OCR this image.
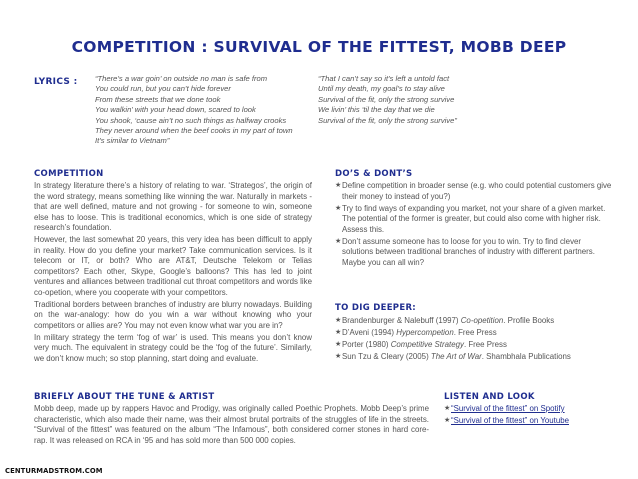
COMPETITION : SURVIVAL OF THE FITTEST, MOBB DEEP
LYRICS : “There’s a war goin’ on outside no man is safe from
You could run, but you can’t hide forever
From these streets that we done took
You walkin’ with your head down, scared to look
You shook, ‘cause ain’t no such things as halfway crooks
They never around when the beef cooks in my part of town
It’s similar to Vietnam”
“That I can’t say so it’s left a untold fact
Until my death, my goal’s to stay alive
Survival of the fit, only the strong survive
We livin’ this ‘til the day that we die
Survival of the fit, only the strong survive”
COMPETITION

In strategy literature there’s a history of relating to war. ‘Strategos’, the origin of the word strategy, means something like winning the war. Naturally in markets - that are well defined, mature and not growing - for someone to win, someone else has to loose. This is traditional economics, which is one side of strategy research’s foundation.

However, the last somewhat 20 years, this very idea has been difficult to apply in reality. How do you define your market? Take communication services. Is it telecom or IT, or both? Who are AT&T, Deutsche Telekom or Telias competitors? Each other, Skype, Google’s balloons? This has led to joint ventures and alliances between traditional cut throat competitors and words like co-opetion, where you cooperate with your competitors.

Traditional borders between branches of industry are blurry nowadays. Building on the war-analogy: how do you win a war without knowing who your competitors or allies are? You may not even know what war you are in?

In military strategy the term ‘fog of war’ is used. This means you don’t know very much. The equivalent in strategy could be the ‘fog of the future’. Similarly, we don’t know much; so stop planning, start doing and evaluate.

DO’S & DONT’S
★ Define competition in broader sense (e.g. who could potential customers give their money to instead of you?)
★ Try to find ways of expanding you market, not your share of a given market. The potential of the former is greater, but could also come with higher risk. Assess this.
★ Don’t assume someone has to loose for you to win. Try to find clever solutions between traditional branches of industry with different partners. Maybe you can all win?
TO DIG DEEPER:
★ Brandenburger & Nalebuff (1997) Co-opetition. Profile Books
★ D’Aveni (1994) Hypercompetion. Free Press
★ Porter (1980) Competitive Strategy. Free Press
★ Sun Tzu & Cleary (2005) The Art of War. Shambhala Publications
BRIEFLY ABOUT THE TUNE & ARTIST
Mobb deep, made up by rappers Havoc and Prodigy, was originally called Poethic Prophets. Mobb Deep’s prime characteristic, which also made their name, was their almost brutal portraits of the struggles of life in the streets. “Survival of the fittest” was featured on the album “The Infamous”, both considered corner stones in hard core-rap. It was released on RCA in ‘95 and has sold more than 500 000 copies.
LISTEN AND LOOK
★ “Survival of the fittest” on Spotify
★ “Survival of the fittest” on Youtube
CENTURMADSTROM.COM
